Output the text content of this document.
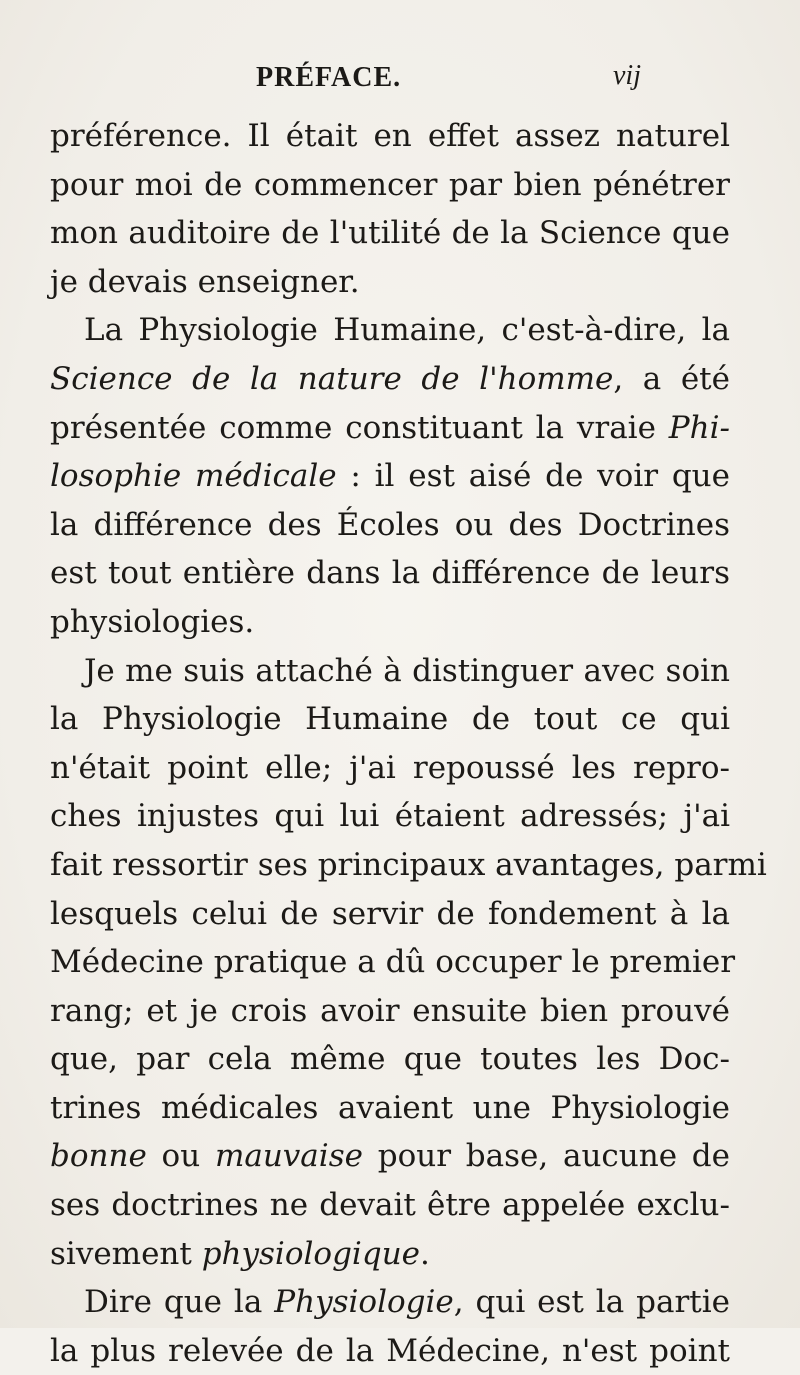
PRÉFACE.	vij
préférence. Il était en effet assez naturel
pour moi de commencer par bien pénétrer
mon auditoire de l'utilité de la Science que
je devais enseigner.
La Physiologie Humaine, c'est-à-dire, la
Science de la nature de l'homme, a été
présentée comme constituant la vraie Phi-
losophie médicale : il est aisé de voir que
la différence des Écoles ou des Doctrines
est tout entière dans la différence de leurs
physiologies.
Je me suis attaché à distinguer avec soin
la Physiologie Humaine de tout ce qui
n'était point elle; j'ai repoussé les repro-
ches injustes qui lui étaient adressés; j'ai
fait ressortir ses principaux avantages, parmi
lesquels celui de servir de fondement à la
Médecine pratique a dû occuper le premier
rang; et je crois avoir ensuite bien prouvé
que, par cela même que toutes les Doc-
trines médicales avaient une Physiologie
bonne ou mauvaise pour base, aucune de
ses doctrines ne devait être appelée exclu-
sivement physiologique.
Dire que la Physiologie, qui est la partie
la plus relevée de la Médecine, n'est point
